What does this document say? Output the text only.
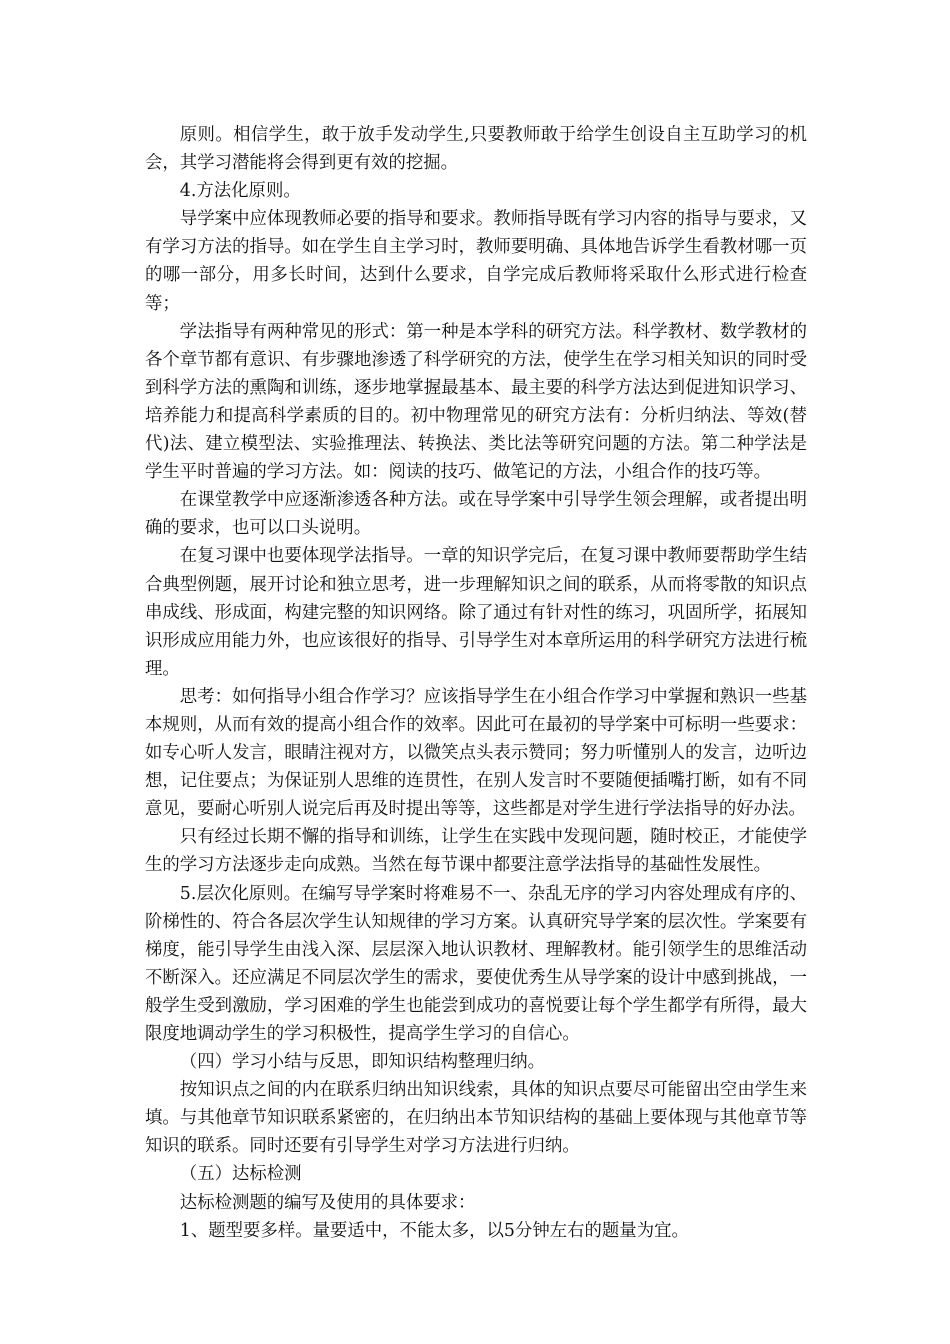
原则。相信学生，敢于放手发动学生,只要教师敢于给学生创设自主互助学习的机会，其学习潜能将会得到更有效的挖掘。

4.方法化原则。

导学案中应体现教师必要的指导和要求。教师指导既有学习内容的指导与要求，又有学习方法的指导。如在学生自主学习时，教师要明确、具体地告诉学生看教材哪一页的哪一部分，用多长时间，达到什么要求，自学完成后教师将采取什么形式进行检查等；

学法指导有两种常见的形式：第一种是本学科的研究方法。科学教材、数学教材的各个章节都有意识、有步骤地渗透了科学研究的方法，使学生在学习相关知识的同时受到科学方法的熏陶和训练，逐步地掌握最基本、最主要的科学方法达到促进知识学习、培养能力和提高科学素质的目的。初中物理常见的研究方法有：分析归纳法、等效(替代)法、建立模型法、实验推理法、转换法、类比法等研究问题的方法。第二种学法是学生平时普遍的学习方法。如：阅读的技巧、做笔记的方法，小组合作的技巧等。

在课堂教学中应逐渐渗透各种方法。或在导学案中引导学生领会理解，或者提出明确的要求，也可以口头说明。

在复习课中也要体现学法指导。一章的知识学完后，在复习课中教师要帮助学生结合典型例题，展开讨论和独立思考，进一步理解知识之间的联系，从而将零散的知识点串成线、形成面，构建完整的知识网络。除了通过有针对性的练习，巩固所学，拓展知识形成应用能力外，也应该很好的指导、引导学生对本章所运用的科学研究方法进行梳理。

思考：如何指导小组合作学习？应该指导学生在小组合作学习中掌握和熟识一些基本规则，从而有效的提高小组合作的效率。因此可在最初的导学案中可标明一些要求：如专心听人发言，眼睛注视对方，以微笑点头表示赞同；努力听懂别人的发言，边听边想，记住要点；为保证别人思维的连贯性，在别人发言时不要随便插嘴打断，如有不同意见，要耐心听别人说完后再及时提出等等，这些都是对学生进行学法指导的好办法。

只有经过长期不懈的指导和训练，让学生在实践中发现问题，随时校正，才能使学生的学习方法逐步走向成熟。当然在每节课中都要注意学法指导的基础性发展性。

5.层次化原则。在编写导学案时将难易不一、杂乱无序的学习内容处理成有序的、阶梯性的、符合各层次学生认知规律的学习方案。认真研究导学案的层次性。学案要有梯度，能引导学生由浅入深、层层深入地认识教材、理解教材。能引领学生的思维活动不断深入。还应满足不同层次学生的需求，要使优秀生从导学案的设计中感到挑战，一般学生受到激励，学习困难的学生也能尝到成功的喜悦要让每个学生都学有所得，最大限度地调动学生的学习积极性，提高学生学习的自信心。

（四）学习小结与反思，即知识结构整理归纳。

按知识点之间的内在联系归纳出知识线索，具体的知识点要尽可能留出空由学生来填。与其他章节知识联系紧密的，在归纳出本节知识结构的基础上要体现与其他章节等知识的联系。同时还要有引导学生对学习方法进行归纳。

（五）达标检测

达标检测题的编写及使用的具体要求：

1、题型要多样。量要适中，不能太多，以5分钟左右的题量为宜。
